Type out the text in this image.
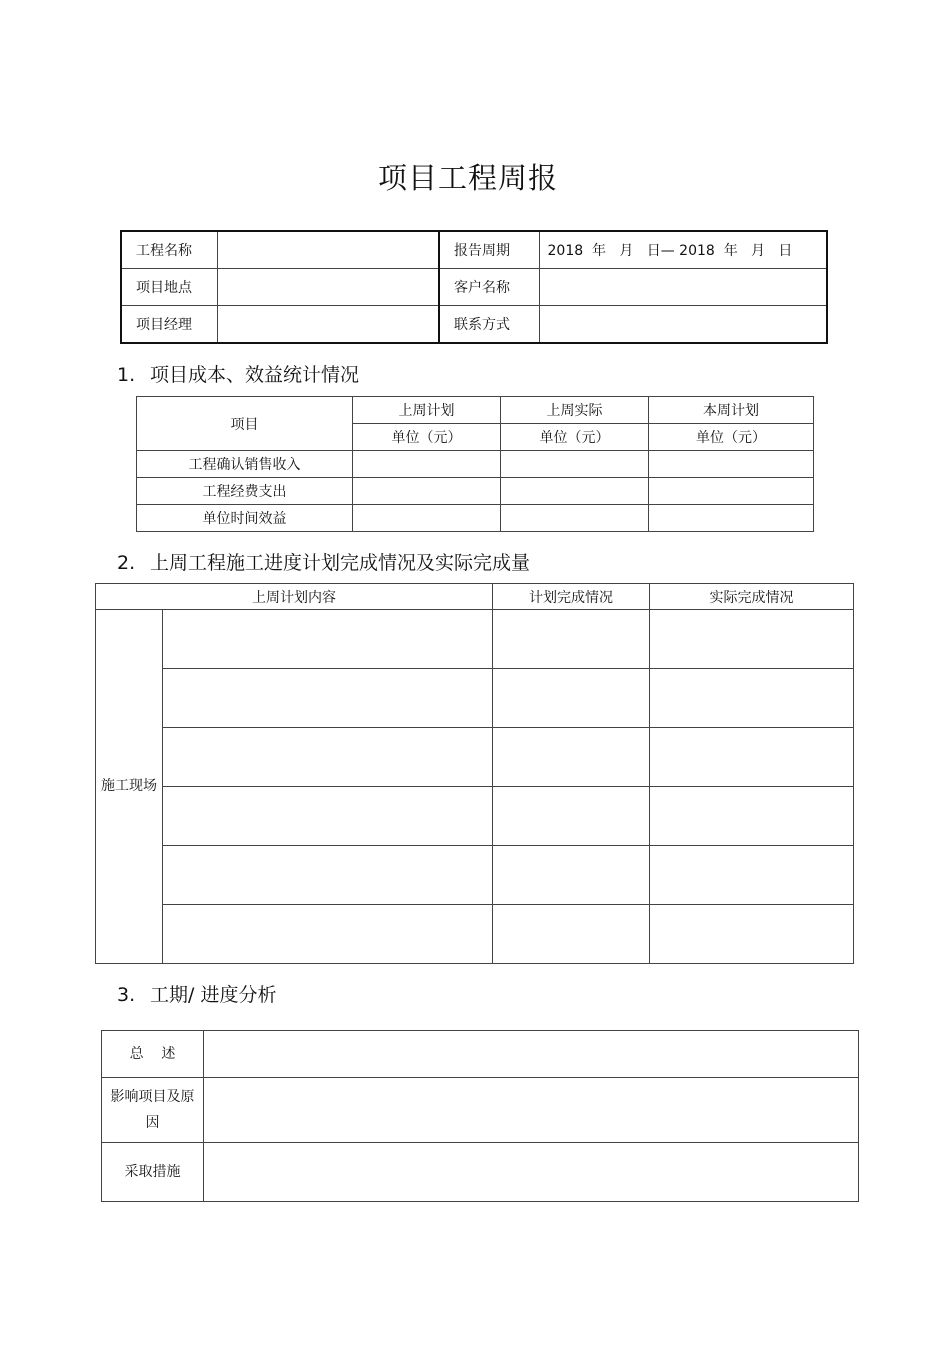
项目工程周报
工程名称		报告周期	2018  年   月   日— 2018  年   月   日
项目地点		客户名称	
项目经理		联系方式	
1. 项目成本、效益统计情况
项目	上周计划	上周实际	本周计划
	单位（元）	单位（元）	单位（元）
工程确认销售收入			
工程经费支出			
单位时间效益			
2. 上周工程施工进度计划完成情况及实际完成量
上周计划内容		计划完成情况	实际完成情况
施工现场			

3. 工期/ 进度分析
总    述	
影响项目及原因	
采取措施	
